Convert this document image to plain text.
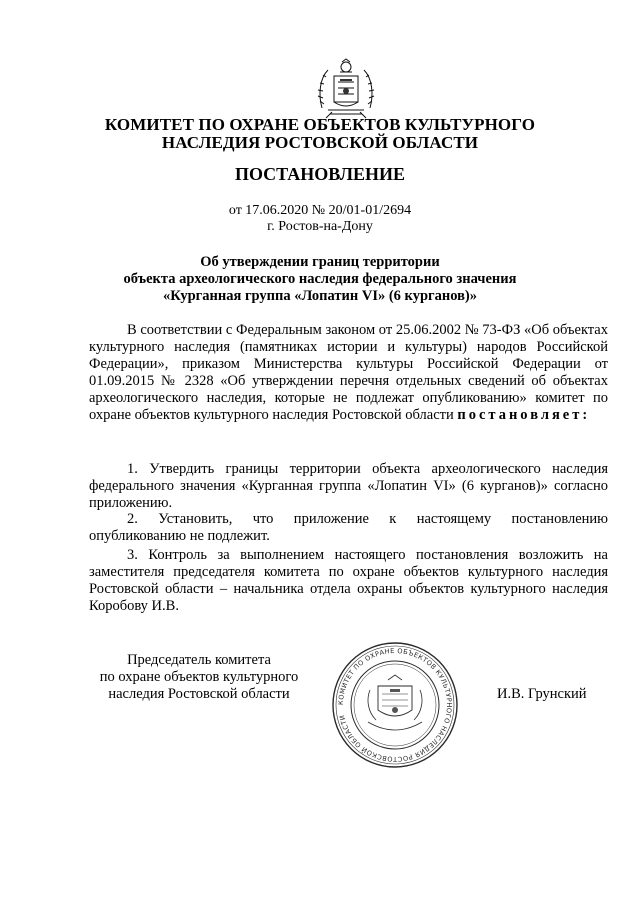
КОМИТЕТ ПО ОХРАНЕ ОБЪЕКТОВ КУЛЬТУРНОГО
НАСЛЕДИЯ РОСТОВСКОЙ ОБЛАСТИ
ПОСТАНОВЛЕНИЕ
от 17.06.2020 № 20/01-01/2694
г. Ростов-на-Дону
Об утверждении границ территории
объекта археологического наследия федерального значения
«Курганная группа «Лопатин VI» (6 курганов)»

В соответствии с Федеральным законом от 25.06.2002 № 73-ФЗ «Об объектах культурного наследия (памятниках истории и культуры) народов Российской Федерации», приказом Министерства культуры Российской Федерации от 01.09.2015 № 2328 «Об утверждении перечня отдельных сведений об объектах археологического наследия, которые не подлежат опубликованию» комитет по охране объектов культурного наследия Ростовской области постановляет:

1. Утвердить границы территории объекта археологического наследия федерального значения «Курганная группа «Лопатин VI» (6 курганов)» согласно приложению.

2. Установить, что приложение к настоящему постановлению опубликованию не подлежит.

3. Контроль за выполнением настоящего постановления возложить на заместителя председателя комитета по охране объектов культурного наследия Ростовской области – начальника отдела охраны объектов культурного наследия Коробову И.В.

Председатель комитета
по охране объектов культурного
наследия Ростовской области
КОМИТЕТ ПО ОХРАНЕ ОБЪЕКТОВ КУЛЬТУРНОГО НАСЛЕДИЯ РОСТОВСКОЙ ОБЛАСТИ
И.В. Грунский
